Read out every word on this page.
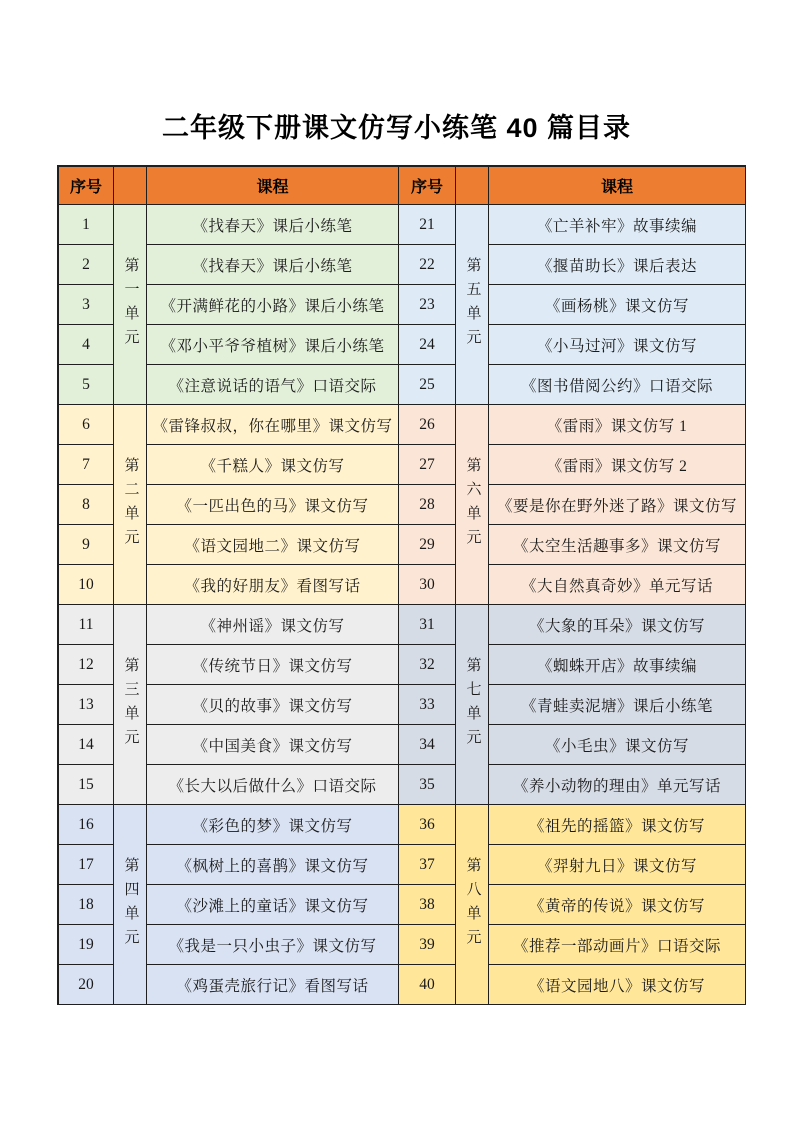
二年级下册课文仿写小练笔 40 篇目录
序号	课程
1
2
3
4
5
第一单元
《找春天》课后小练笔
《找春天》课后小练笔
《开满鲜花的小路》课后小练笔
《邓小平爷爷植树》课后小练笔
《注意说话的语气》口语交际
6
7
8
9
10
第二单元
《雷锋叔叔，你在哪里》课文仿写
《千糕人》课文仿写
《一匹出色的马》课文仿写
《语文园地二》课文仿写
《我的好朋友》看图写话
11
12
13
14
15
第三单元
《神州谣》课文仿写
《传统节日》课文仿写
《贝的故事》课文仿写
《中国美食》课文仿写
《长大以后做什么》口语交际
16
17
18
19
20
第四单元
《彩色的梦》课文仿写
《枫树上的喜鹊》课文仿写
《沙滩上的童话》课文仿写
《我是一只小虫子》课文仿写
《鸡蛋壳旅行记》看图写话
序号	课程
21
22
23
24
25
第五单元
《亡羊补牢》故事续编
《揠苗助长》课后表达
《画杨桃》课文仿写
《小马过河》课文仿写
《图书借阅公约》口语交际
26
27
28
29
30
第六单元
《雷雨》课文仿写 1
《雷雨》课文仿写 2
《要是你在野外迷了路》课文仿写
《太空生活趣事多》课文仿写
《大自然真奇妙》单元写话
31
32
33
34
35
第七单元
《大象的耳朵》课文仿写
《蜘蛛开店》故事续编
《青蛙卖泥塘》课后小练笔
《小毛虫》课文仿写
《养小动物的理由》单元写话
36
37
38
39
40
第八单元
《祖先的摇篮》课文仿写
《羿射九日》课文仿写
《黄帝的传说》课文仿写
《推荐一部动画片》口语交际
《语文园地八》课文仿写
